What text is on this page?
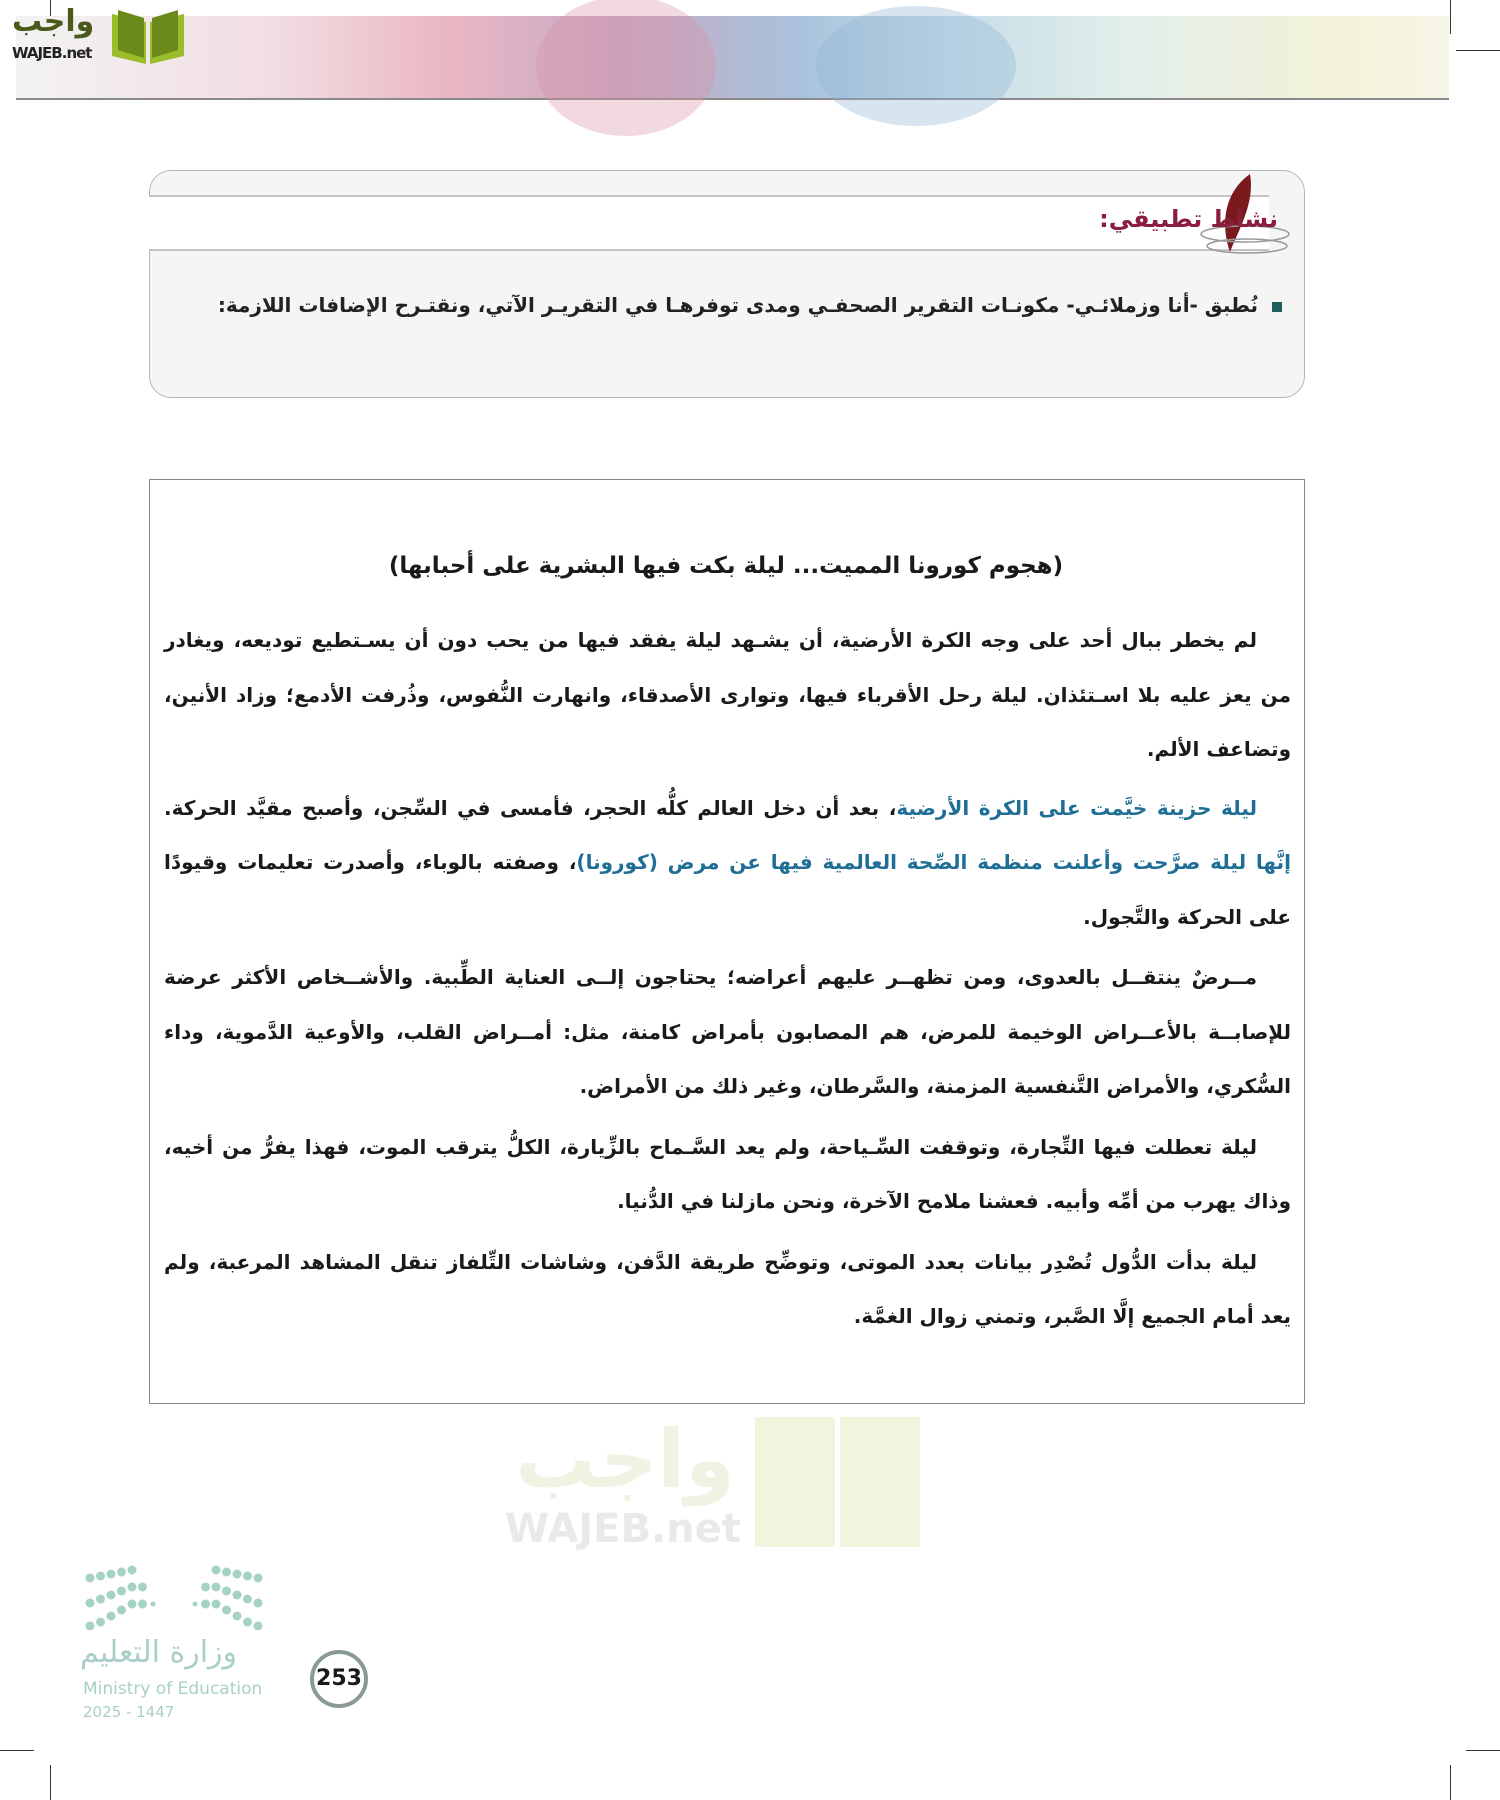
واجب
WAJEB.net
نشاط تطبيقي:
نُطبق -أنا وزملائـي- مكونـات التقرير الصحفـي ومدى توفرهـا في التقريـر الآتي، ونقتـرح الإضافات اللازمة:
(هجوم كورونا المميت... ليلة بكت فيها البشرية على أحبابها)
لم يخطر ببال أحد على وجه الكرة الأرضية، أن يشـهد ليلة يفقد فيها من يحب دون أن يسـتطيع توديعه، ويغادر
من يعز عليه بلا اسـتئذان. ليلة رحل الأقرباء فيها، وتوارى الأصدقاء، وانهارت النُّفوس، وذُرفت الأدمع؛ وزاد الأنين،
وتضاعف الألم.
ليلة حزينة خيَّمت على الكرة الأرضية، بعد أن دخل العالم كلُّه الحجر، فأمسى في السِّجن، وأصبح مقيَّد الحركة.
إنَّها ليلة صرَّحت وأعلنت منظمة الصِّحة العالمية فيها عن مرض (كورونا)، وصفته بالوباء، وأصدرت تعليمات وقيودًا
على الحركة والتَّجول.
مــرضٌ ينتقــل بالعدوى، ومن تظهــر عليهم أعراضه؛ يحتاجون إلــى العناية الطِّبية. والأشــخاص الأكثر عرضة
للإصابــة بالأعــراض الوخيمة للمرض، هم المصابون بأمراض كامنة، مثل: أمــراض القلب، والأوعية الدَّموية، وداء
السُّكري، والأمراض التَّنفسية المزمنة، والسَّرطان، وغير ذلك من الأمراض.
ليلة تعطلت فيها التِّجارة، وتوقفت السِّـياحة، ولم يعد السَّـماح بالزِّيارة، الكلُّ يترقب الموت، فهذا يفرُّ من أخيه،
وذاك يهرب من أمِّه وأبيه. فعشنا ملامح الآخرة، ونحن مازلنا في الدُّنيا.
ليلة بدأت الدُّول تُصْدِر بيانات بعدد الموتى، وتوضِّح طريقة الدَّفن، وشاشات التِّلفاز تنقل المشاهد المرعبة، ولم
يعد أمام الجميع إلَّا الصَّبر، وتمني زوال الغمَّة.
واجب
WAJEB.net
وزارة التعليم
Ministry of Education
2025 - 1447
253
